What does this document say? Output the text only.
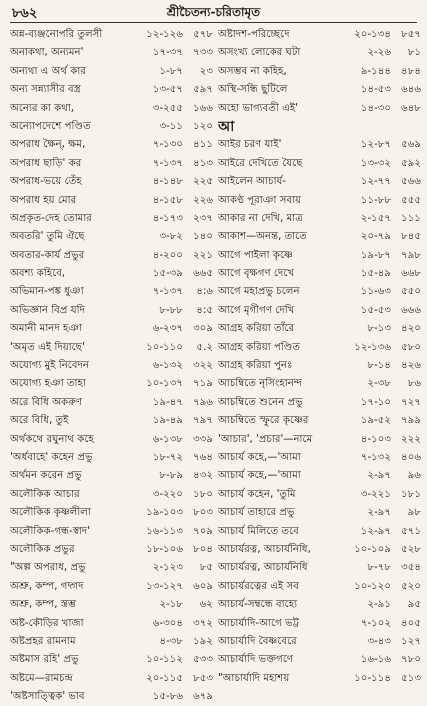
৮৬২	শ্রীচৈতন্য-চরিতামৃত
অন্ন-ব্যঞ্জনোপরি তুলসী	১২-১২৬ ৫৭৮
অনাকথা, অন্যমন'	১৭-৩৭ ৭৩৩
অন্যথা এ অর্থ কার	১-৮৭	২৩
অন্য সন্ন্যাসীর বস্ত্র	১৩-৫৭ ৫৯৭
অন্যের কা কথা,	৩-২৫৫ ১৬৬
অন্যোপদেশে পণ্ডিত	৩-১১ ১২০
অপরাধ ক্ষৈন্, ক্ষম,	৭-১৩০ ৪১১
অপরাধ ছাড়ি' কর	৭-১৩৭ ৪১৩
অপরাধ-ভয়ে তেঁহ	৪-১৪৮ ২২৫
অপরাধ হয় মোর	৪-১৫৮ ২২৬
অপ্রকৃত-দেহ তোমার	৪-১৭৩ ২৩৭
অবতরি' তুমি ঐছে	৩-৮২ ১৪০
অবতার-কার্য প্রভুর	৪-২০০ ২২১
অবশ্য কহিবে,	১৫-৩৯ ৬৬৫
অভিমান-পঙ্ক ধুঞা	৭-১৩৭	৪:৬
অভিজ্ঞান বিপ্র যদি	৮-৮৮	৪:৫
অমানী মানদ হঞা	৬-২৩৭ ৩০৯
'অমৃত এই দিয়াছে'	১০-১১০	৫.২
অযোগ্য মুই নিবেদন	৬-১৩২ ৩২২
অযোগ্য হঞা তাহা	১০-১৩৭ ৭১৯
অরে বিধি অকরুণ	১৯-৪৭ ৭৯৬
অরে বিধি, তুই	১৯-৪৯ ৭৯৭
অর্থকথে রঘুনাথ কহে	৬-১৩৮ ৩৩৯
'অর্ধবাহে' কহেন প্রভু	১৮-৭২ ৭৬৪
অর্থমন করেন প্রভু	৮-৮৯ ৪৩২
অলৌকিক আচার	৩-২২০ ১৮০
অলৌকিক কৃষ্ণলীলা	১৯-১০৩ ৮০৩
অলৌকিক-গন্ধ-স্বাদ'	১৬-১১৩ ৭০৯
অলৌকিক প্রভুর	১৮-১০৬ ৮০৪
"অল্প অপরাধ, প্রভু	২-১২৩	৮৫
অশ্রু, কম্প, গদ্গদ	১৩-১২৭ ৬০৯
অশ্রু, কম্প, স্তম্ভ	২-১৮	৬২
অষ্ট-কৌড়ির খাজা	৬-৩০৪ ৩৭২
অষ্টপ্রহর রামনাম	৪-৩৮ ১৯২
অষ্টমাস রহি' প্রভু	১০-১১২ ৫৩৩
অষ্টমে—রামচন্দ্র	২০-১১৫ ৮৫৩
'অষ্টসাত্ত্বিক' ভাব	১৫-৮৬ ৬৭৯
অষ্টাদশ-পরিচ্ছেদে	২০-১৩৪ ৮৫৭
অসংখ্য লোকের ঘটা	২-২৬	৮১
অসম্ভব না কহিহ,	৯-১৪৪ ৪৮৪
অস্থি-সন্ধি ছুটিলে	১৪-৫৩ ৬৪৬
অহো ভাগ্যবতী এই'	১৪-৩০ ৬৪৮
আ
আইর চরণ যাই'	১২-৮৭ ৫৬৯
আইরে দেখিতে যৈছে	১৩-৩২ ৫৯২
আইলেন আচার্য-	১২-৭৭ ৫৬৬
আকণ্ঠ পূরাঞা সবায়	১১-৮৮ ৫৫৫
আকার না দেখি, মাত্র	২-১৫৭ ১১১
আকাশ—অনন্ত, তাতে	২০-৭৯ ৮৪৫
আগে পাইলা কৃষ্ণে	১৯-৮৭ ৭৯৮
আগে বৃক্ষগণ দেখে	১৫-৪৯ ৬৬৮
আগে মহাপ্রভু চলেন	১১-৬৩ ৫৫০
আগে মৃগীগণ দেখি	১৫-৫৩ ৬৬৬
আগ্রহ করিয়া তাঁরে	৮-১৩ ৪২০
আগ্রহ করিয়া পণ্ডিত	১২-১৩৬ ৫৮০
আগ্রহ করিয়া পুনঃ	৮-১৪ ৪২৬
আচম্বিতে নৃসিংহানন্দ	২-৩৮	৮৬
আচম্বিতে শুনেন প্রভু	১৭-১০ ৭২৭
আচম্বিতে স্ফুরে কৃষ্ণের	১৯-৫২ ৭৯৯
'আচার', 'প্রচার'—নামে	৪-১০৩ ২২২
আচার্য কহে,—'আমা	৭-১৩২ ৪০৬
আচার্য কহে,—'আমা	২-৯৭	৯৬
আচার্য কহেন, 'তুমি	৩-২২১ ১৮১
আচার্য তাহারে প্রভু	২-৯৭	৯৮
আচার্য মিলিতে তবে	১২-৯৭ ৫৭১
আচার্যরত্ন, আচার্যনিধি,	১০-১০৯ ৫২৮
আচার্যরত্ন, আচার্যনিধি	৮-৭৮ ৩৫৪
আচার্যরত্নের এই সব	১০-১২০ ৫২০
আচার্য-সম্বন্ধে বাহ্যে	২-৯১	৯৫
আচার্যাদি-আগে ভট্ট	৭-১০২ ৪০৫
আচার্যাদি বৈষ্ণবেরে	৩-৪৩ ১২৭
আচার্যাদি ভক্তগণে	১৬-১৬ ৭৮০
"আচার্যাদি মহাশয়	১০-১১৪ ৫১৩
